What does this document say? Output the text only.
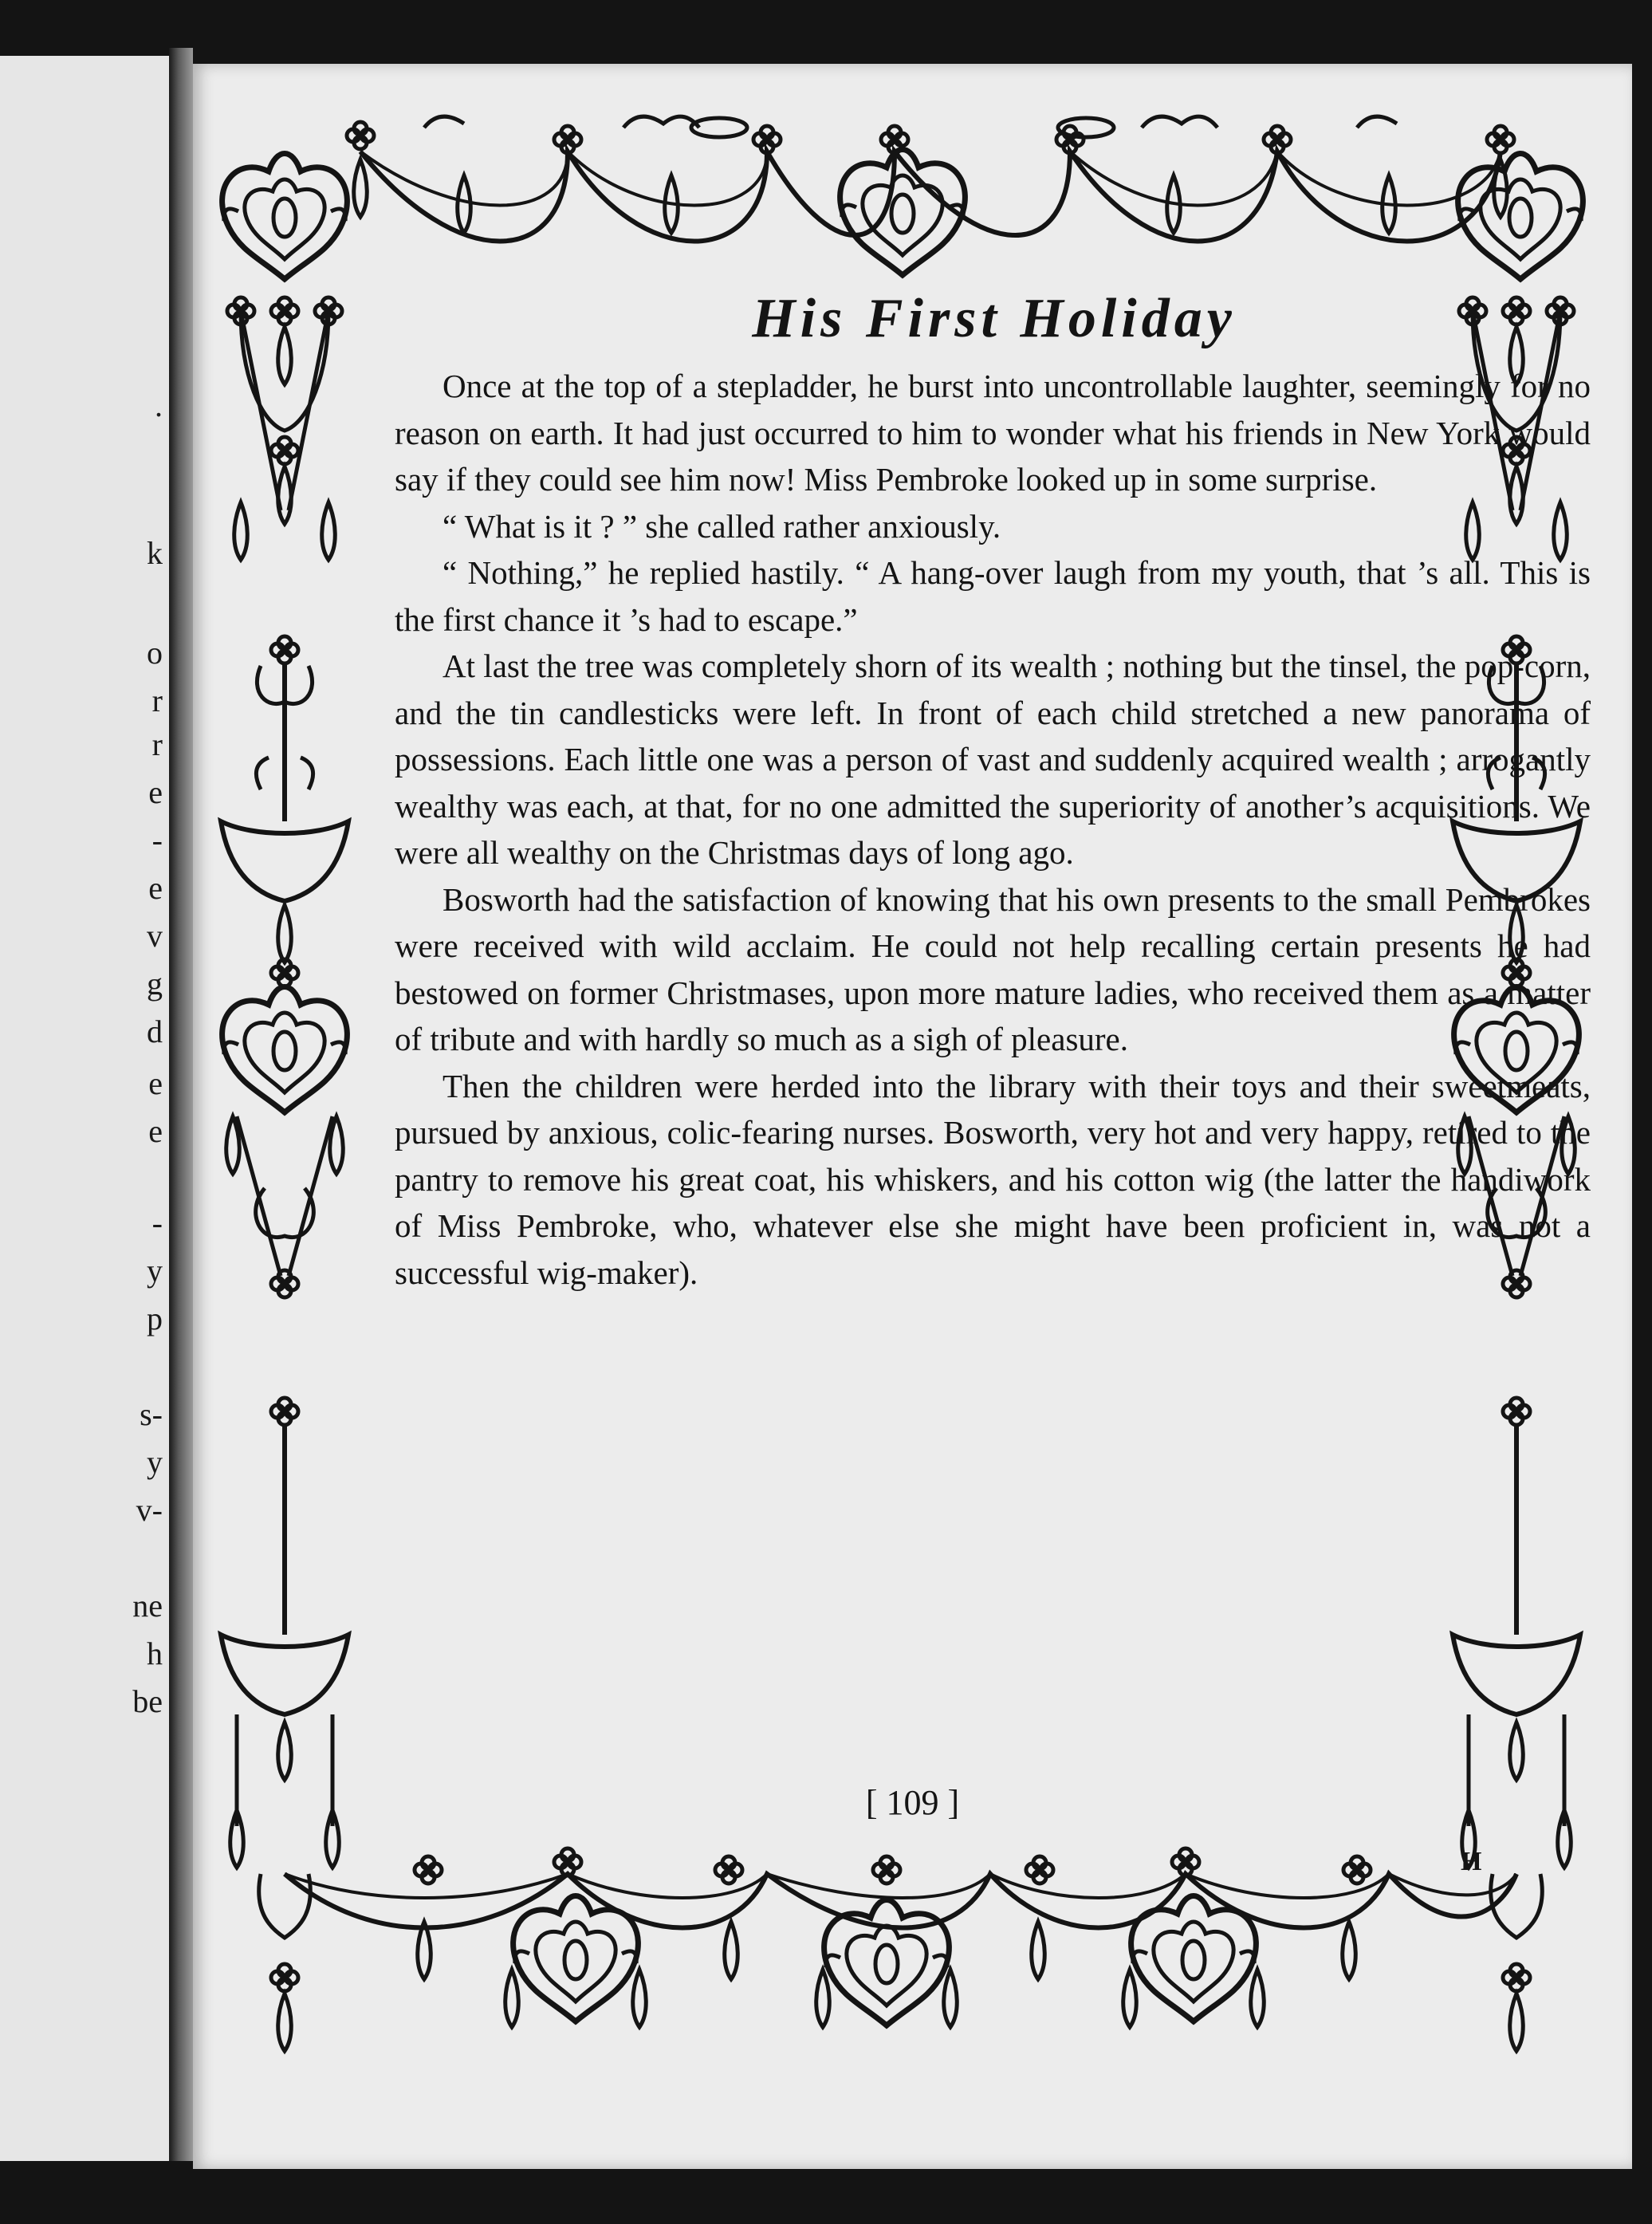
.
k
o
r
r
e
-
e
v
g
d
e
e
-
y
p
s-
y
v-
ne
h
be
H
His First Holiday

Once at the top of a stepladder, he burst into uncontrollable laughter, seemingly for no reason on earth. It had just occurred to him to wonder what his friends in New York would say if they could see him now! Miss Pembroke looked up in some surprise.

“ What is it ? ” she called rather anxiously.

“ Nothing,” he replied hastily. “ A hang-over laugh from my youth, that ’s all. This is the first chance it ’s had to escape.”

At last the tree was completely shorn of its wealth ; nothing but the tinsel, the pop-corn, and the tin candlesticks were left. In front of each child stretched a new panorama of possessions. Each little one was a person of vast and suddenly acquired wealth ; arrogantly wealthy was each, at that, for no one admitted the superiority of another’s acquisitions. We were all wealthy on the Christmas days of long ago.

Bosworth had the satisfaction of knowing that his own presents to the small Pembrokes were received with wild acclaim. He could not help recalling certain presents he had bestowed on former Christmases, upon more mature ladies, who received them as a matter of tribute and with hardly so much as a sigh of pleasure.

Then the children were herded into the library with their toys and their sweetmeats, pursued by anxious, colic-fearing nurses. Bosworth, very hot and very happy, retired to the pantry to remove his great coat, his whiskers, and his cotton wig (the latter the handiwork of Miss Pembroke, who, whatever else she might have been proficient in, was not a successful wig-maker).

[ 109 ]
